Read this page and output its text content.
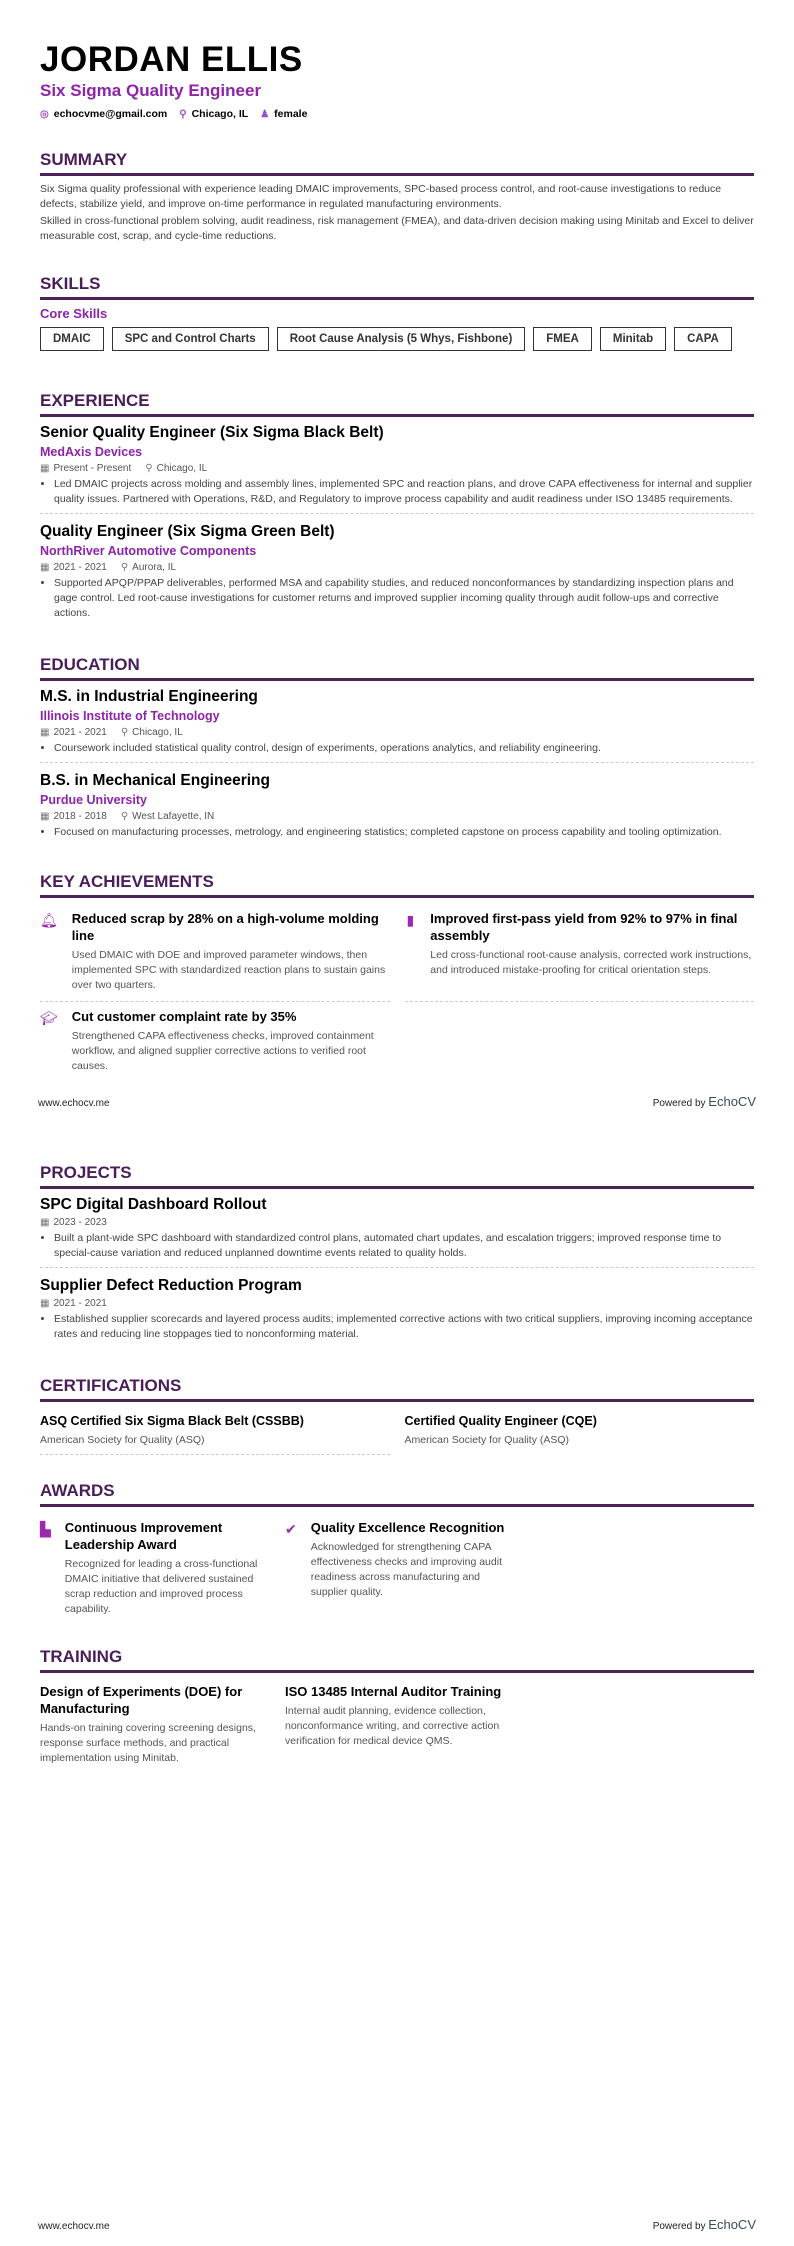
JORDAN ELLIS
Six Sigma Quality Engineer
◎ echocvme@gmail.com ⚲ Chicago, IL ♟ female
SUMMARY

Six Sigma quality professional with experience leading DMAIC improvements, SPC-based process control, and root-cause investigations to reduce defects, stabilize yield, and improve on-time performance in regulated manufacturing environments.

Skilled in cross-functional problem solving, audit readiness, risk management (FMEA), and data-driven decision making using Minitab and Excel to deliver measurable cost, scrap, and cycle-time reductions.

SKILLS
Core Skills
DMAIC	SPC and Control Charts	Root Cause Analysis (5 Whys, Fishbone)	FMEA	Minitab	CAPA
EXPERIENCE
Senior Quality Engineer (Six Sigma Black Belt)
MedAxis Devices
▦ Present - Present ⚲ Chicago, IL
• Led DMAIC projects across molding and assembly lines, implemented SPC and reaction plans, and drove CAPA effectiveness for internal and supplier quality issues. Partnered with Operations, R&D, and Regulatory to improve process capability and audit readiness under ISO 13485 requirements.
Quality Engineer (Six Sigma Green Belt)
NorthRiver Automotive Components
▦ 2021 - 2021 ⚲ Aurora, IL
• Supported APQP/PPAP deliverables, performed MSA and capability studies, and reduced nonconformances by standardizing inspection plans and gage control. Led root-cause investigations for customer returns and improved supplier incoming quality through audit follow-ups and corrective actions.
EDUCATION
M.S. in Industrial Engineering
Illinois Institute of Technology
▦ 2021 - 2021 ⚲ Chicago, IL
• Coursework included statistical quality control, design of experiments, operations analytics, and reliability engineering.
B.S. in Mechanical Engineering
Purdue University
▦ 2018 - 2018 ⚲ West Lafayette, IN
• Focused on manufacturing processes, metrology, and engineering statistics; completed capstone on process capability and tooling optimization.
KEY ACHIEVEMENTS
🔔︎ Reduced scrap by 28% on a high-volume molding line
Used DMAIC with DOE and improved parameter windows, then implemented SPC with standardized reaction plans to sustain gains over two quarters.
▮ Improved first-pass yield from 92% to 97% in final assembly
Led cross-functional root-cause analysis, corrected work instructions, and introduced mistake-proofing for critical orientation steps.
🎓︎ Cut customer complaint rate by 35%
Strengthened CAPA effectiveness checks, improved containment workflow, and aligned supplier corrective actions to verified root causes.
www.echocv.me	Powered by EchoCV
PROJECTS
SPC Digital Dashboard Rollout
▦ 2023 - 2023
• Built a plant-wide SPC dashboard with standardized control plans, automated chart updates, and escalation triggers; improved response time to special-cause variation and reduced unplanned downtime events related to quality holds.
Supplier Defect Reduction Program
▦ 2021 - 2021
• Established supplier scorecards and layered process audits; implemented corrective actions with two critical suppliers, improving incoming acceptance rates and reducing line stoppages tied to nonconforming material.
CERTIFICATIONS
ASQ Certified Six Sigma Black Belt (CSSBB)
American Society for Quality (ASQ)
Certified Quality Engineer (CQE)
American Society for Quality (ASQ)
AWARDS
▙ Continuous Improvement Leadership Award
Recognized for leading a cross-functional DMAIC initiative that delivered sustained scrap reduction and improved process capability.
✔ Quality Excellence Recognition
Acknowledged for strengthening CAPA effectiveness checks and improving audit readiness across manufacturing and supplier quality.
TRAINING
Design of Experiments (DOE) for Manufacturing
Hands-on training covering screening designs, response surface methods, and practical implementation using Minitab.
ISO 13485 Internal Auditor Training
Internal audit planning, evidence collection, nonconformance writing, and corrective action verification for medical device QMS.
www.echocv.me	Powered by EchoCV
